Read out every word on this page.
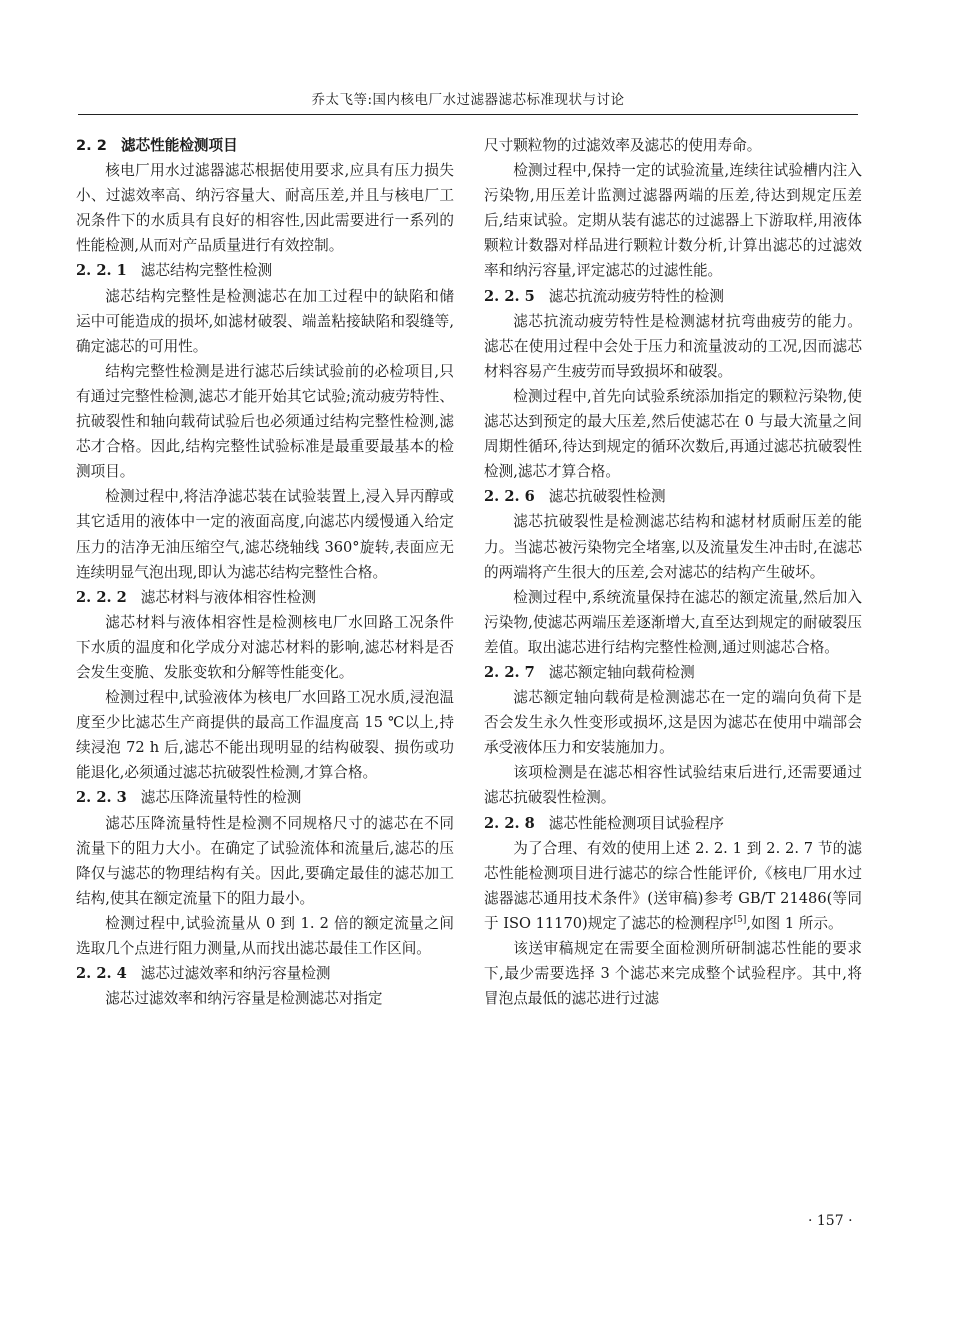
乔太飞等:国内核电厂水过滤器滤芯标准现状与讨论
2. 2 滤芯性能检测项目

核电厂用水过滤器滤芯根据使用要求,应具有压力损失小、过滤效率高、纳污容量大、耐高压差,并且与核电厂工况条件下的水质具有良好的相容性,因此需要进行一系列的性能检测,从而对产品质量进行有效控制。

2. 2. 1 滤芯结构完整性检测

滤芯结构完整性是检测滤芯在加工过程中的缺陷和储运中可能造成的损坏,如滤材破裂、端盖粘接缺陷和裂缝等,确定滤芯的可用性。

结构完整性检测是进行滤芯后续试验前的必检项目,只有通过完整性检测,滤芯才能开始其它试验;流动疲劳特性、抗破裂性和轴向载荷试验后也必须通过结构完整性检测,滤芯才合格。因此,结构完整性试验标准是最重要最基本的检测项目。

检测过程中,将洁净滤芯装在试验装置上,浸入异丙醇或其它适用的液体中一定的液面高度,向滤芯内缓慢通入给定压力的洁净无油压缩空气,滤芯绕轴线 360°旋转,表面应无连续明显气泡出现,即认为滤芯结构完整性合格。

2. 2. 2 滤芯材料与液体相容性检测

滤芯材料与液体相容性是检测核电厂水回路工况条件下水质的温度和化学成分对滤芯材料的影响,滤芯材料是否会发生变脆、发胀变软和分解等性能变化。

检测过程中,试验液体为核电厂水回路工况水质,浸泡温度至少比滤芯生产商提供的最高工作温度高 15 ℃以上,持续浸泡 72 h 后,滤芯不能出现明显的结构破裂、损伤或功能退化,必须通过滤芯抗破裂性检测,才算合格。

2. 2. 3 滤芯压降流量特性的检测

滤芯压降流量特性是检测不同规格尺寸的滤芯在不同流量下的阻力大小。在确定了试验流体和流量后,滤芯的压降仅与滤芯的物理结构有关。因此,要确定最佳的滤芯加工结构,使其在额定流量下的阻力最小。

检测过程中,试验流量从 0 到 1. 2 倍的额定流量之间选取几个点进行阻力测量,从而找出滤芯最佳工作区间。

2. 2. 4 滤芯过滤效率和纳污容量检测

滤芯过滤效率和纳污容量是检测滤芯对指定

尺寸颗粒物的过滤效率及滤芯的使用寿命。

检测过程中,保持一定的试验流量,连续往试验槽内注入污染物,用压差计监测过滤器两端的压差,待达到规定压差后,结束试验。定期从装有滤芯的过滤器上下游取样,用液体颗粒计数器对样品进行颗粒计数分析,计算出滤芯的过滤效率和纳污容量,评定滤芯的过滤性能。

2. 2. 5 滤芯抗流动疲劳特性的检测

滤芯抗流动疲劳特性是检测滤材抗弯曲疲劳的能力。滤芯在使用过程中会处于压力和流量波动的工况,因而滤芯材料容易产生疲劳而导致损坏和破裂。

检测过程中,首先向试验系统添加指定的颗粒污染物,使滤芯达到预定的最大压差,然后使滤芯在 0 与最大流量之间周期性循环,待达到规定的循环次数后,再通过滤芯抗破裂性检测,滤芯才算合格。

2. 2. 6 滤芯抗破裂性检测

滤芯抗破裂性是检测滤芯结构和滤材材质耐压差的能力。当滤芯被污染物完全堵塞,以及流量发生冲击时,在滤芯的两端将产生很大的压差,会对滤芯的结构产生破坏。

检测过程中,系统流量保持在滤芯的额定流量,然后加入污染物,使滤芯两端压差逐渐增大,直至达到规定的耐破裂压差值。取出滤芯进行结构完整性检测,通过则滤芯合格。

2. 2. 7 滤芯额定轴向载荷检测

滤芯额定轴向载荷是检测滤芯在一定的端向负荷下是否会发生永久性变形或损坏,这是因为滤芯在使用中端部会承受液体压力和安装施加力。

该项检测是在滤芯相容性试验结束后进行,还需要通过滤芯抗破裂性检测。

2. 2. 8 滤芯性能检测项目试验程序

为了合理、有效的使用上述 2. 2. 1 到 2. 2. 7 节的滤芯性能检测项目进行滤芯的综合性能评价,《核电厂用水过滤器滤芯通用技术条件》(送审稿)参考 GB/T 21486(等同于 ISO 11170)规定了滤芯的检测程序[5],如图 1 所示。

该送审稿规定在需要全面检测所研制滤芯性能的要求下,最少需要选择 3 个滤芯来完成整个试验程序。其中,将冒泡点最低的滤芯进行过滤

· 157 ·
